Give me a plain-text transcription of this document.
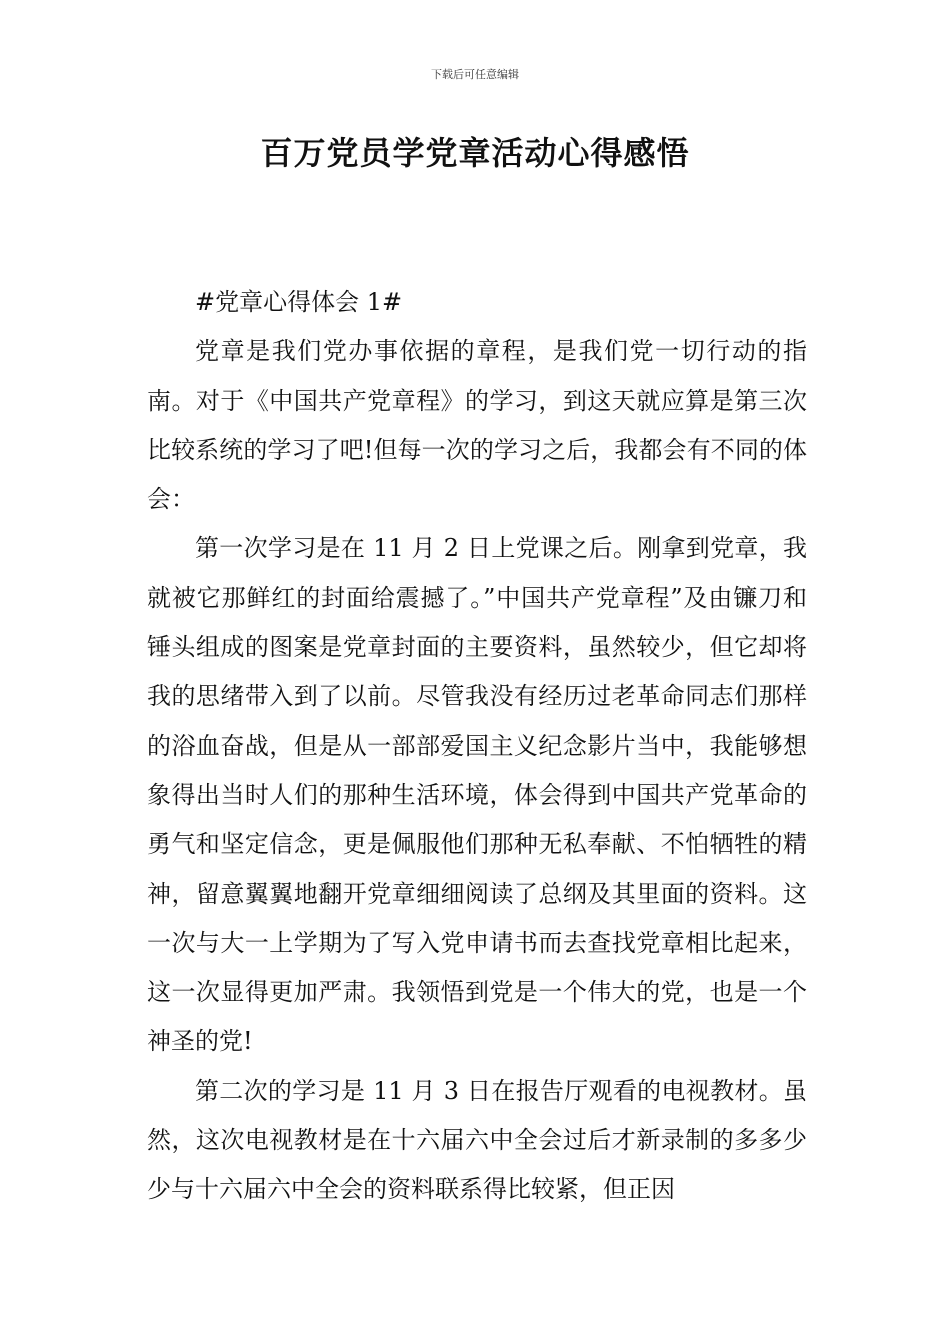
下载后可任意编辑
百万党员学党章活动心得感悟

#党章心得体会 1#

党章是我们党办事依据的章程，是我们党一切行动的指南。对于《中国共产党章程》的学习，到这天就应算是第三次比较系统的学习了吧!但每一次的学习之后，我都会有不同的体会：

第一次学习是在 11 月 2 日上党课之后。刚拿到党章，我就被它那鲜红的封面给震撼了。”中国共产党章程”及由镰刀和锤头组成的图案是党章封面的主要资料，虽然较少，但它却将我的思绪带入到了以前。尽管我没有经历过老革命同志们那样的浴血奋战，但是从一部部爱国主义纪念影片当中，我能够想象得出当时人们的那种生活环境，体会得到中国共产党革命的勇气和坚定信念，更是佩服他们那种无私奉献、不怕牺牲的精神，留意翼翼地翻开党章细细阅读了总纲及其里面的资料。这一次与大一上学期为了写入党申请书而去查找党章相比起来，这一次显得更加严肃。我领悟到党是一个伟大的党，也是一个神圣的党!

第二次的学习是 11 月 3 日在报告厅观看的电视教材。虽然，这次电视教材是在十六届六中全会过后才新录制的多多少少与十六届六中全会的资料联系得比较紧，但正因
